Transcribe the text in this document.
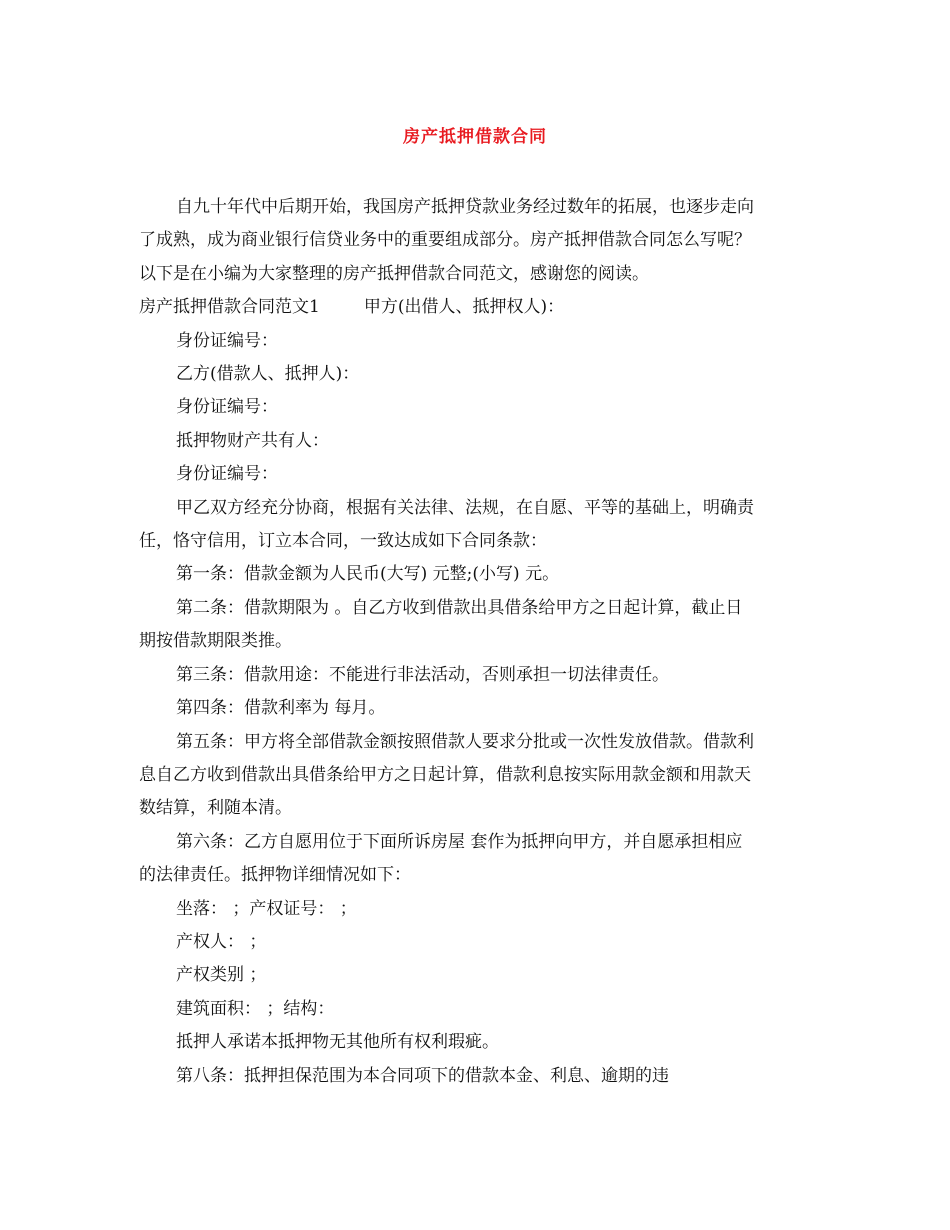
房产抵押借款合同

自九十年代中后期开始，我国房产抵押贷款业务经过数年的拓展，也逐步走向

了成熟，成为商业银行信贷业务中的重要组成部分。房产抵押借款合同怎么写呢？

以下是在小编为大家整理的房产抵押借款合同范文，感谢您的阅读。

房产抵押借款合同范文1	甲方(出借人、抵押权人)：

身份证编号：

乙方(借款人、抵押人)：

身份证编号：

抵押物财产共有人：

身份证编号：

甲乙双方经充分协商，根据有关法律、法规，在自愿、平等的基础上，明确责

任，恪守信用，订立本合同，一致达成如下合同条款：

第一条：借款金额为人民币(大写) 元整;(小写) 元。

第二条：借款期限为 。自乙方收到借款出具借条给甲方之日起计算，截止日

期按借款期限类推。

第三条：借款用途：不能进行非法活动，否则承担一切法律责任。

第四条：借款利率为 每月。

第五条：甲方将全部借款金额按照借款人要求分批或一次性发放借款。借款利

息自乙方收到借款出具借条给甲方之日起计算，借款利息按实际用款金额和用款天

数结算，利随本清。

第六条：乙方自愿用位于下面所诉房屋 套作为抵押向甲方，并自愿承担相应

的法律责任。抵押物详细情况如下：

坐落： ；产权证号： ；

产权人： ；

产权类别 ；

建筑面积： ；结构：

抵押人承诺本抵押物无其他所有权利瑕疵。

第八条：抵押担保范围为本合同项下的借款本金、利息、逾期的违
